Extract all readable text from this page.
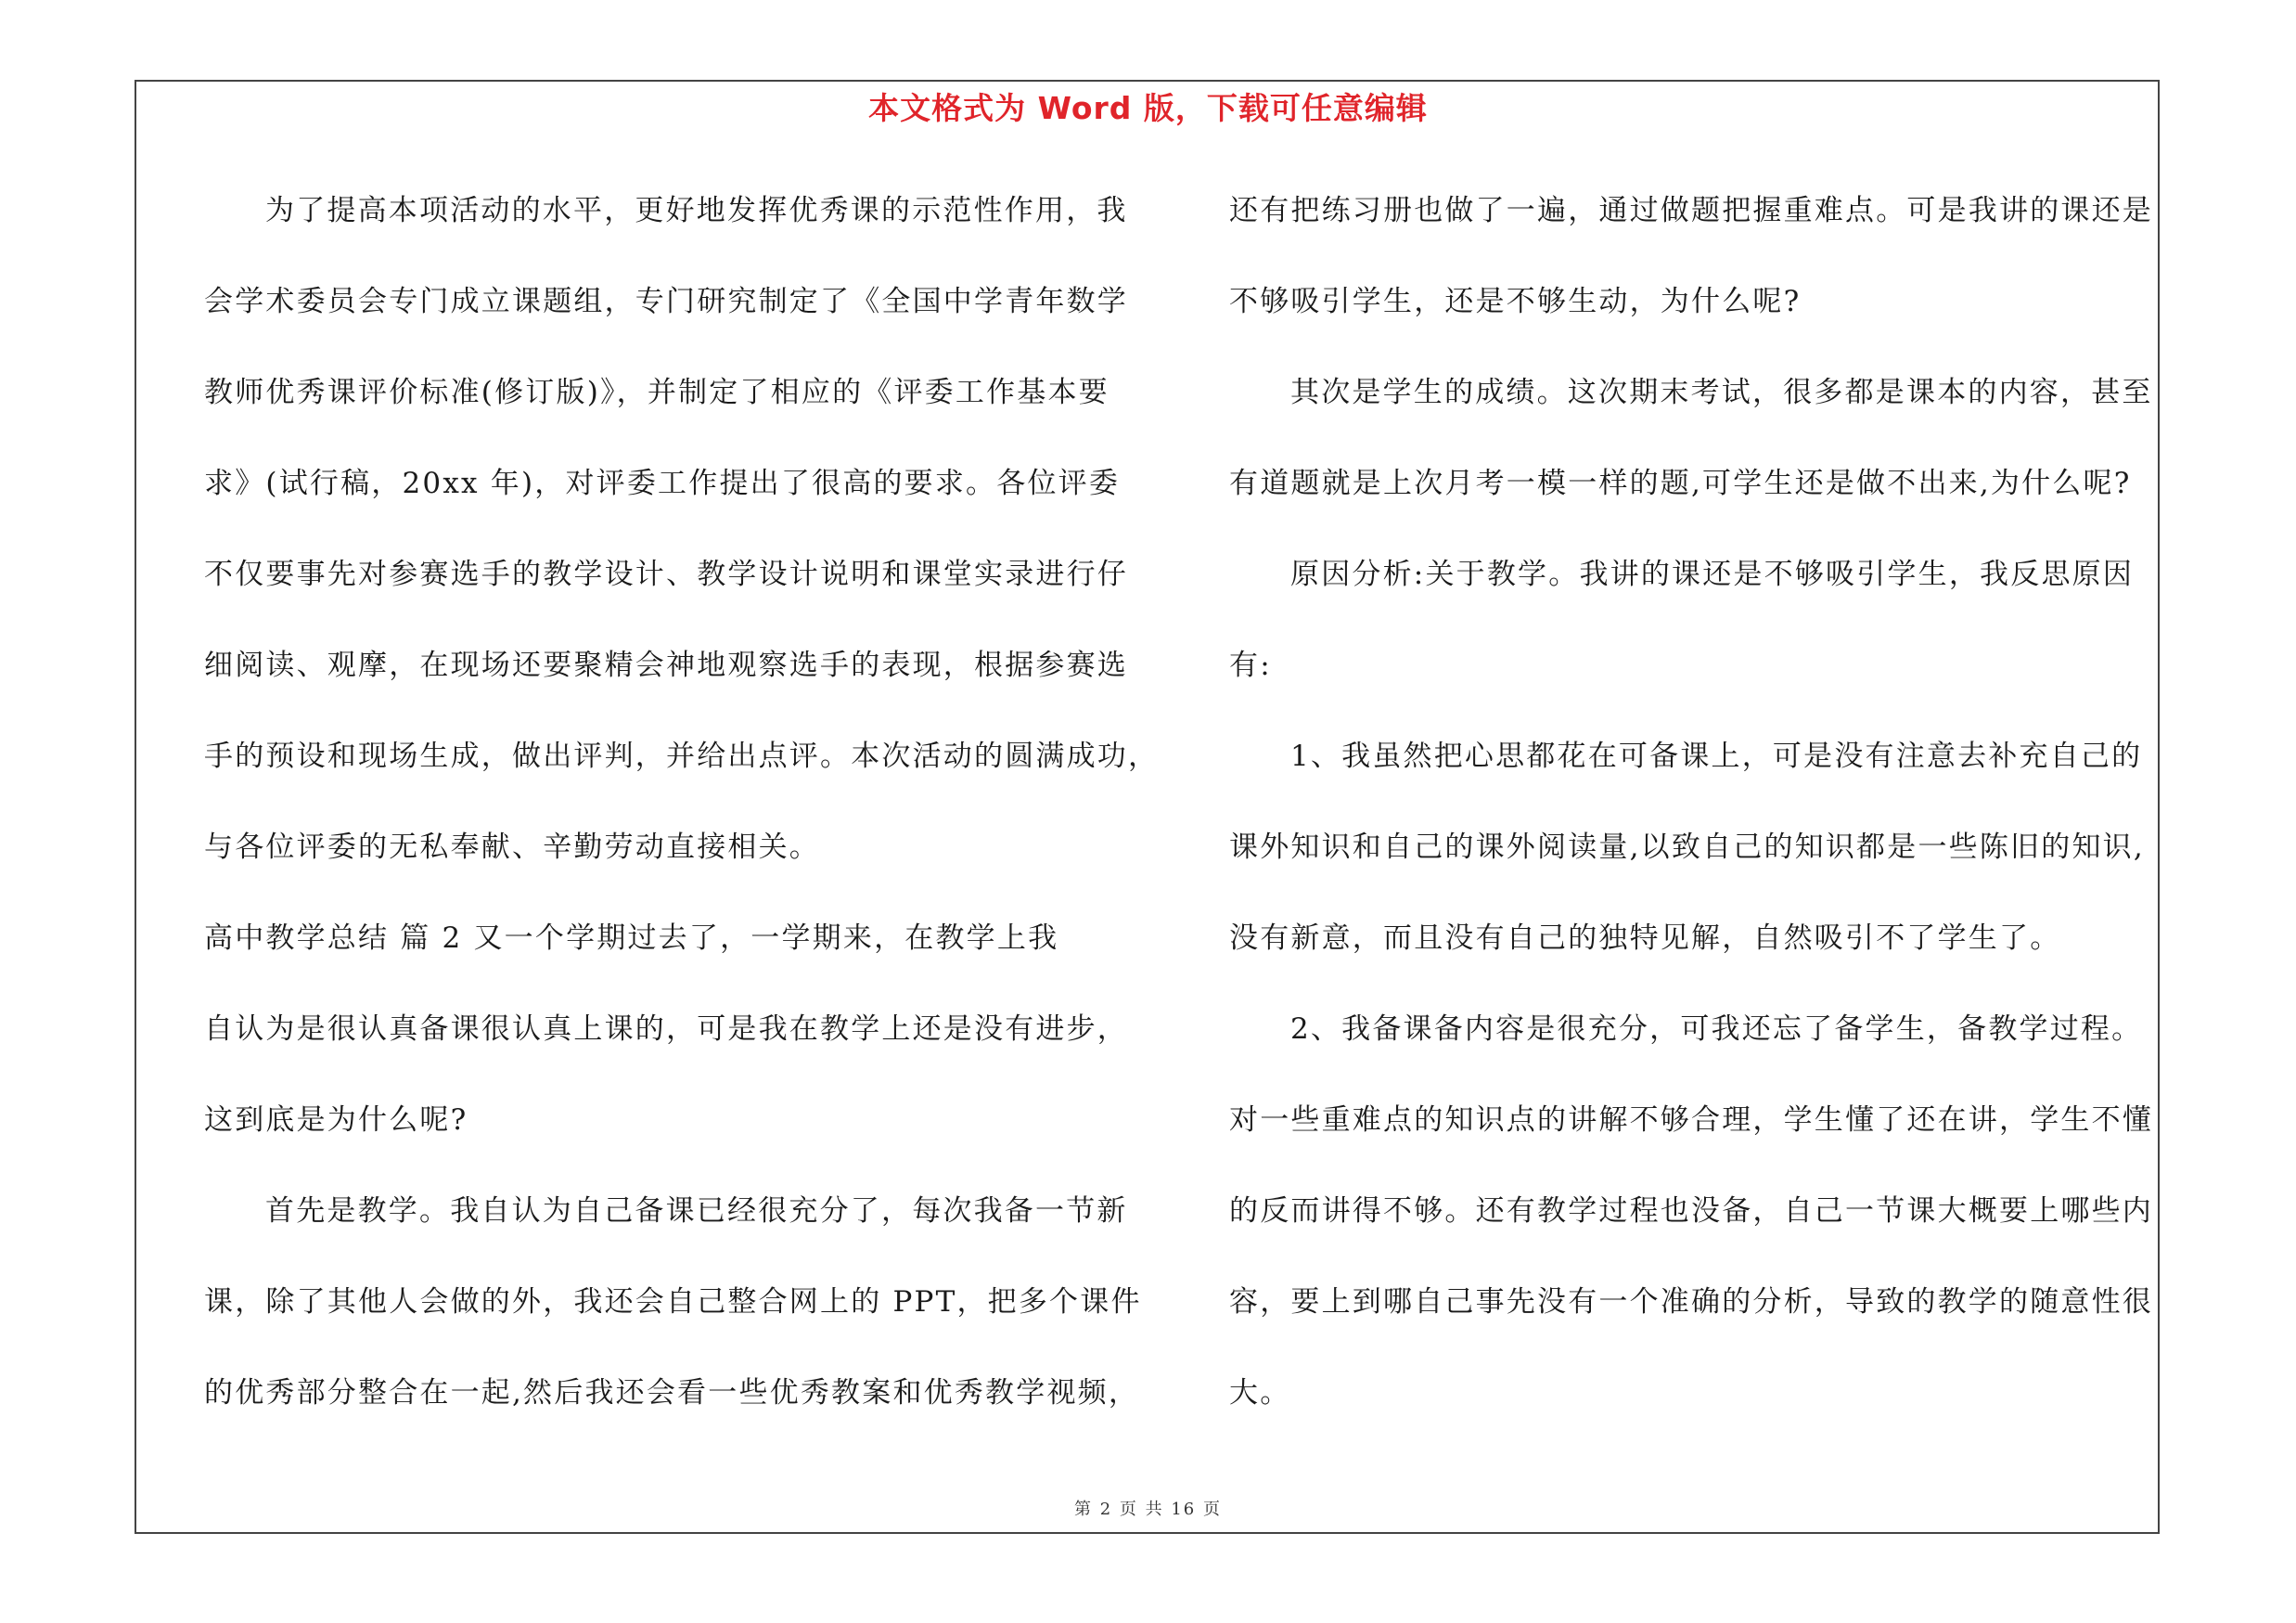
本文格式为 Word 版，下载可任意编辑
为了提高本项活动的水平，更好地发挥优秀课的示范性作用，我
会学术委员会专门成立课题组，专门研究制定了《全国中学青年数学
教师优秀课评价标准(修订版)》，并制定了相应的《评委工作基本要
求》(试行稿，20xx 年)，对评委工作提出了很高的要求。各位评委
不仅要事先对参赛选手的教学设计、教学设计说明和课堂实录进行仔
细阅读、观摩，在现场还要聚精会神地观察选手的表现，根据参赛选
手的预设和现场生成，做出评判，并给出点评。本次活动的圆满成功，
与各位评委的无私奉献、辛勤劳动直接相关。
高中教学总结 篇 2 又一个学期过去了，一学期来，在教学上我
自认为是很认真备课很认真上课的，可是我在教学上还是没有进步，
这到底是为什么呢?
首先是教学。我自认为自己备课已经很充分了，每次我备一节新
课，除了其他人会做的外，我还会自己整合网上的 PPT，把多个课件
的优秀部分整合在一起,然后我还会看一些优秀教案和优秀教学视频，
还有把练习册也做了一遍，通过做题把握重难点。可是我讲的课还是
不够吸引学生，还是不够生动，为什么呢?
其次是学生的成绩。这次期末考试，很多都是课本的内容，甚至
有道题就是上次月考一模一样的题,可学生还是做不出来,为什么呢?
原因分析:关于教学。我讲的课还是不够吸引学生，我反思原因
有:
1、我虽然把心思都花在可备课上，可是没有注意去补充自己的
课外知识和自己的课外阅读量,以致自己的知识都是一些陈旧的知识,
没有新意，而且没有自己的独特见解，自然吸引不了学生了。
2、我备课备内容是很充分，可我还忘了备学生，备教学过程。
对一些重难点的知识点的讲解不够合理，学生懂了还在讲，学生不懂
的反而讲得不够。还有教学过程也没备，自己一节课大概要上哪些内
容，要上到哪自己事先没有一个准确的分析，导致的教学的随意性很
大。
第 2 页 共 16 页
